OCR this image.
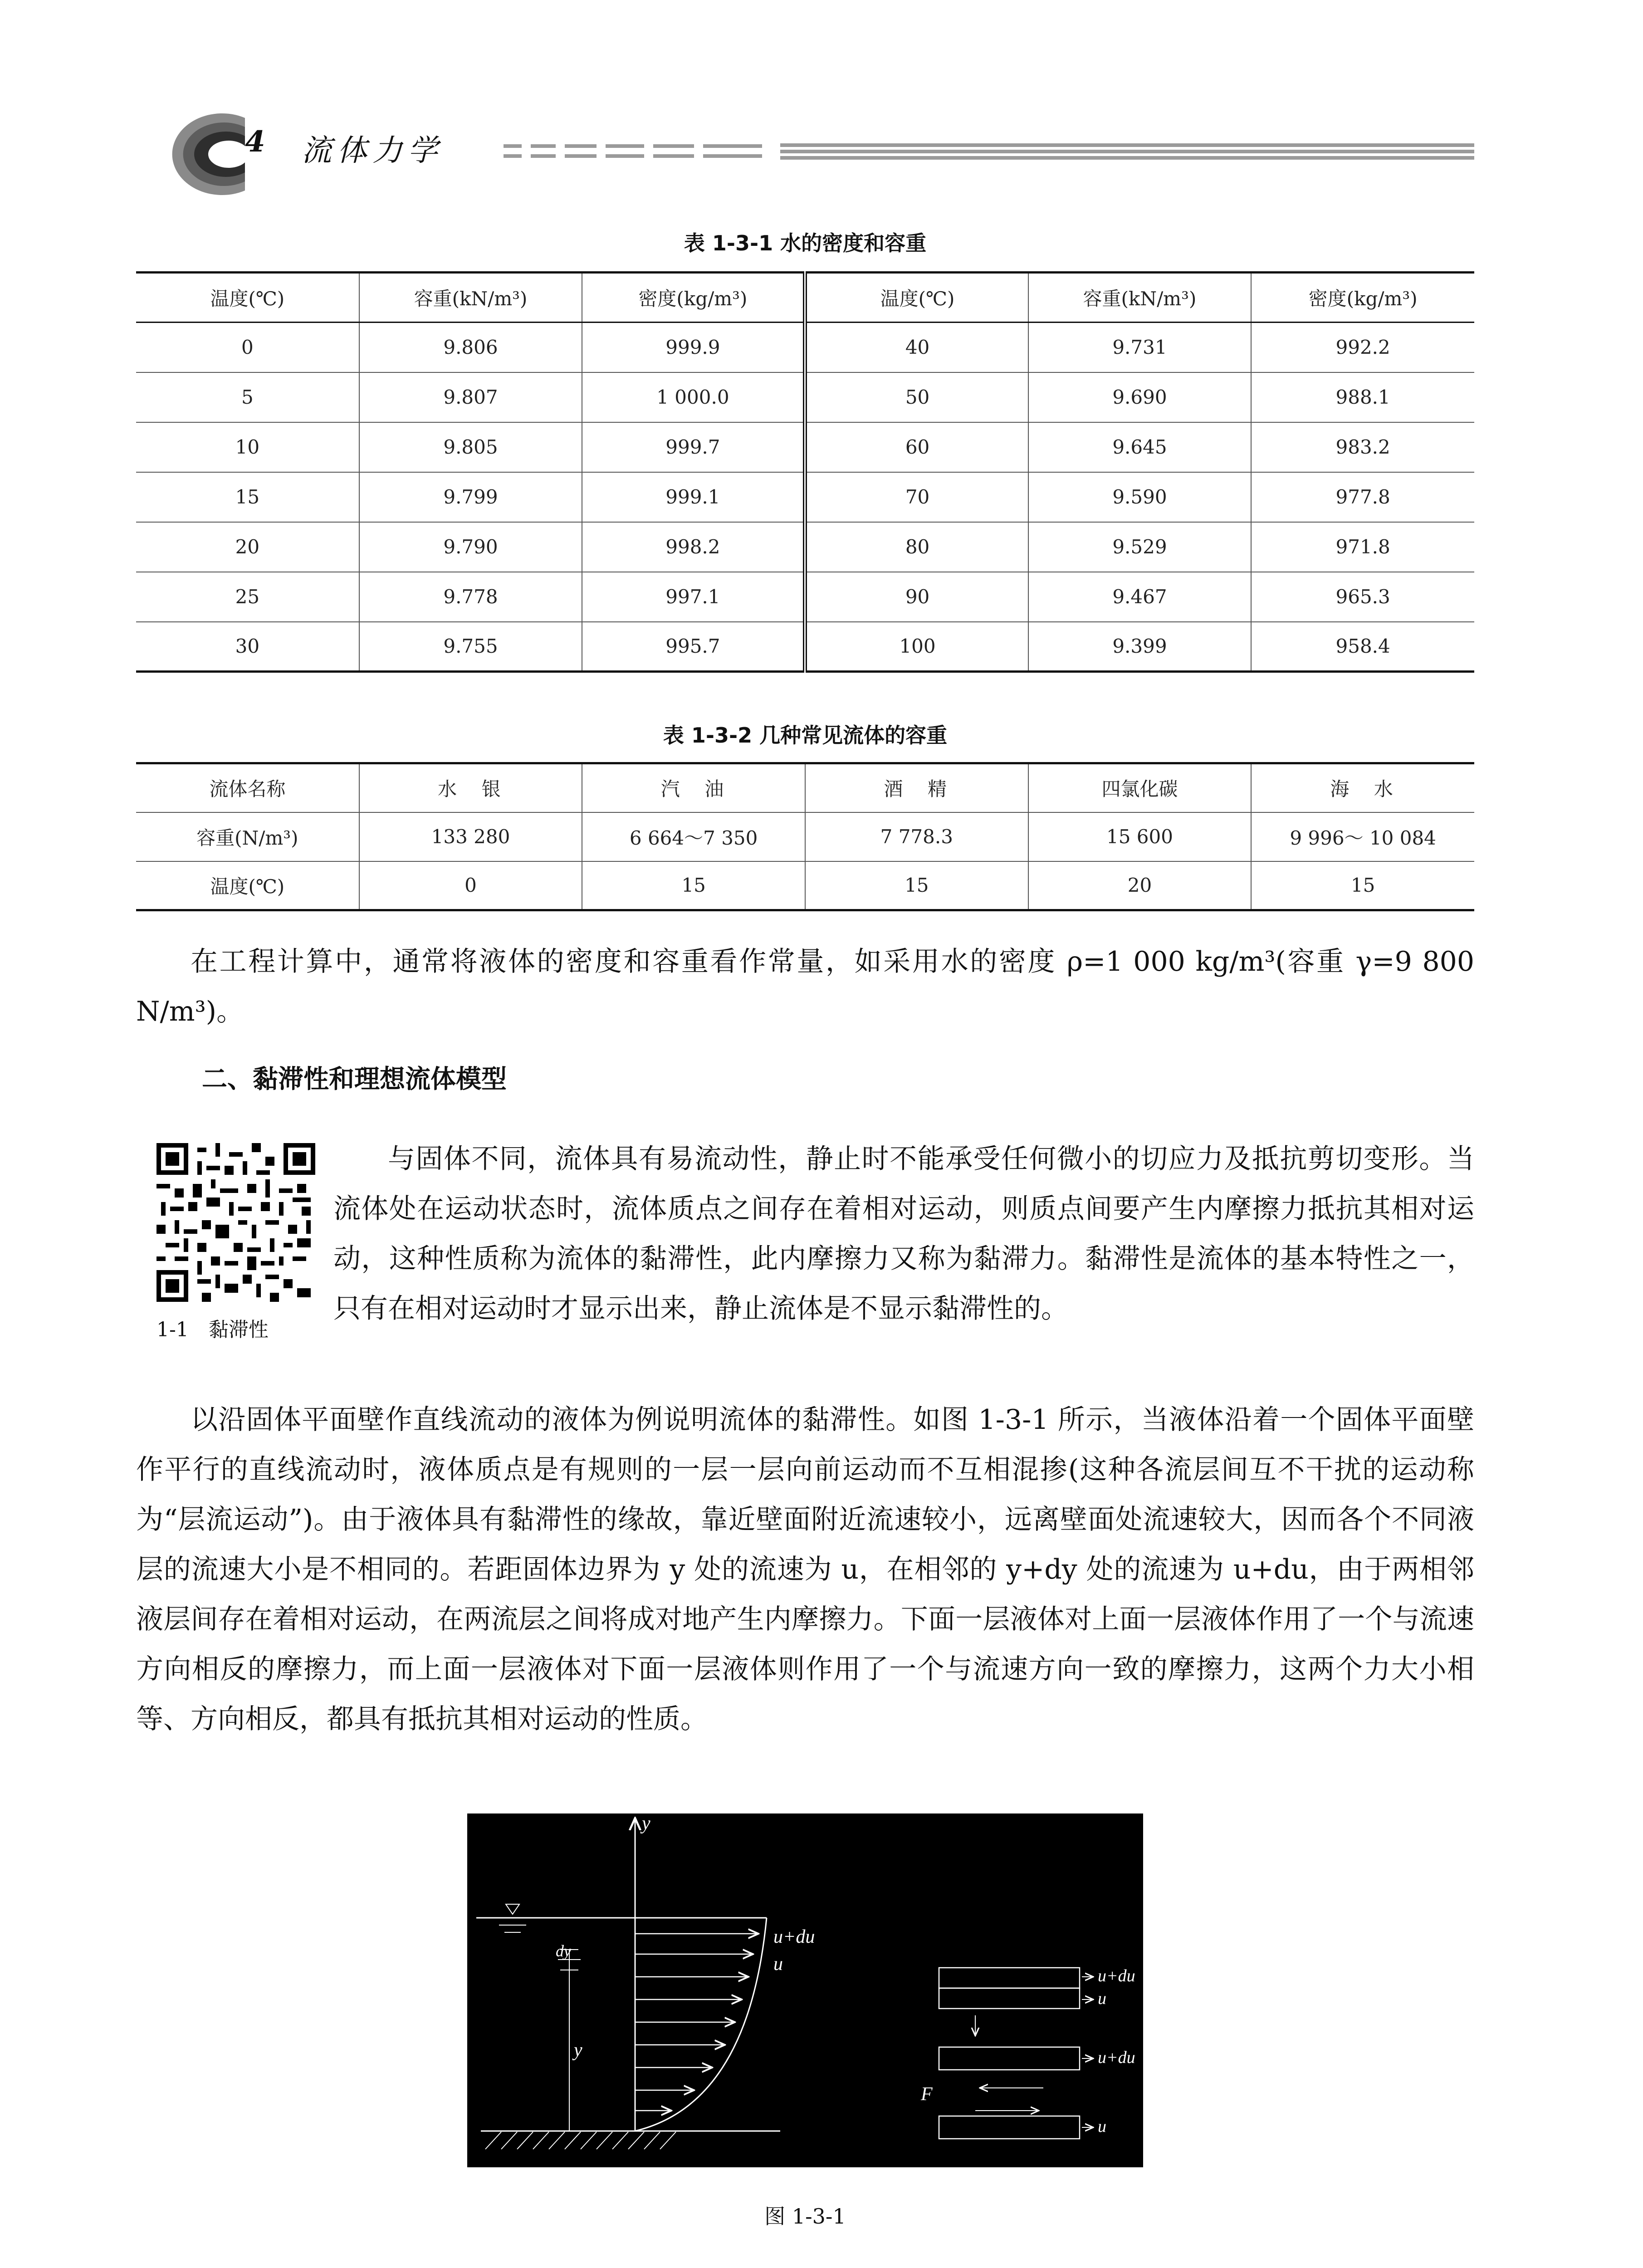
4 流体力学
表 1-3-1 水的密度和容重
温度(℃)	容重(kN/m³)	密度(kg/m³)	温度(℃)	容重(kN/m³)	密度(kg/m³)
0	9.806	999.9	40	9.731	992.2
5	9.807	1 000.0	50	9.690	988.1
10	9.805	999.7	60	9.645	983.2
15	9.799	999.1	70	9.590	977.8
20	9.790	998.2	80	9.529	971.8
25	9.778	997.1	90	9.467	965.3
30	9.755	995.7	100	9.399	958.4
表 1-3-2 几种常见流体的容重
流体名称	水　银	汽　油	酒　精	四氯化碳	海　水
容重(N/m³)	133 280	6 664～7 350	7 778.3	15 600	9 996～ 10 084
温度(℃)	0	15	15	20	15
在工程计算中，通常将液体的密度和容重看作常量，如采用水的密度 ρ=1 000 kg/m³(容重 γ=9 800 N/m³)。
二、黏滞性和理想流体模型
1-1　黏滞性
与固体不同，流体具有易流动性，静止时不能承受任何微小的切应力及抵抗剪切变形。当流体处在运动状态时，流体质点之间存在着相对运动，则质点间要产生内摩擦力抵抗其相对运动，这种性质称为流体的黏滞性，此内摩擦力又称为黏滞力。黏滞性是流体的基本特性之一，只有在相对运动时才显示出来，静止流体是不显示黏滞性的。
以沿固体平面壁作直线流动的液体为例说明流体的黏滞性。如图 1-3-1 所示，当液体沿着一个固体平面壁作平行的直线流动时，液体质点是有规则的一层一层向前运动而不互相混掺(这种各流层间互不干扰的运动称为“层流运动”)。由于液体具有黏滞性的缘故，靠近壁面附近流速较小，远离壁面处流速较大，因而各个不同液层的流速大小是不相同的。若距固体边界为 y 处的流速为 u，在相邻的 y+dy 处的流速为 u+du，由于两相邻液层间存在着相对运动，在两流层之间将成对地产生内摩擦力。下面一层液体对上面一层液体作用了一个与流速方向相反的摩擦力，而上面一层液体对下面一层液体则作用了一个与流速方向一致的摩擦力，这两个力大小相等、方向相反，都具有抵抗其相对运动的性质。
y
u+du
u
dy
y
u+du
u
u+du
u
F
图 1-3-1
